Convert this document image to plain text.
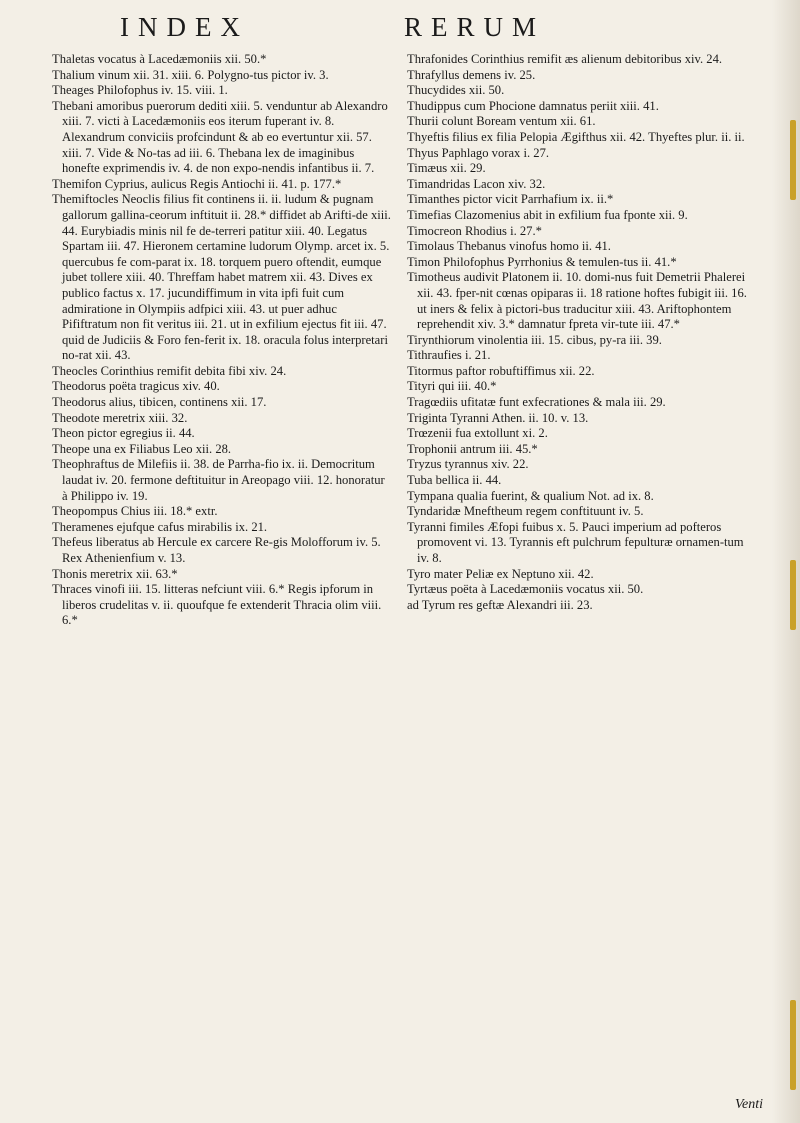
INDEX	RERUM
Thaletas vocatus à Lacedæmoniis xii. 50.*
Thalium vinum xii. 31. xiii. 6. Polygno-tus pictor iv. 3.
Theages Philofophus iv. 15. viii. 1.
Thebani amoribus puerorum dediti xiii. 5. venduntur ab Alexandro xiii. 7. victi à Lacedæmoniis eos iterum fuperant iv. 8. Alexandrum conviciis profcindunt & ab eo evertuntur xii. 57. xiii. 7. Vide & No-tas ad iii. 6. Thebana lex de imaginibus honefte exprimendis iv. 4. de non expo-nendis infantibus ii. 7.
Themifon Cyprius, aulicus Regis Antiochi ii. 41. p. 177.*
Themiftocles Neoclis filius fit continens ii. ii. ludum & pugnam gallorum gallina-ceorum inftituit ii. 28.* diffidet ab Arifti-de xiii. 44. Eurybiadis minis nil fe de-terreri patitur xiii. 40. Legatus Spartam iii. 47. Hieronem certamine ludorum Olymp. arcet ix. 5. quercubus fe com-parat ix. 18. torquem puero oftendit, eumque jubet tollere xiii. 40. Threffam habet matrem xii. 43. Dives ex publico factus x. 17. jucundiffimum in vita ipfi fuit cum admiratione in Olympiis adfpici xiii. 43. ut puer adhuc Pififtratum non fit veritus iii. 21. ut in exfilium ejectus fit iii. 47. quid de Judiciis & Foro fen-ferit ix. 18. oracula folus interpretari no-rat xii. 43.
Theocles Corinthius remifit debita fibi xiv. 24.
Theodorus poëta tragicus xiv. 40.
Theodorus alius, tibicen, continens xii. 17.
Theodote meretrix xiii. 32.
Theon pictor egregius ii. 44.
Theope una ex Filiabus Leo xii. 28.
Theophraftus de Milefiis ii. 38. de Parrha-fio ix. ii. Democritum laudat iv. 20. fermone deftituitur in Areopago viii. 12. honoratur à Philippo iv. 19.
Theopompus Chius iii. 18.* extr.
Theramenes ejufque cafus mirabilis ix. 21.
Thefeus liberatus ab Hercule ex carcere Re-gis Molofforum iv. 5. Rex Athenienfium v. 13.
Thonis meretrix xii. 63.*
Thraces vinofi iii. 15. litteras nefciunt viii. 6.* Regis ipforum in liberos crudelitas v. ii. quoufque fe extenderit Thracia olim viii. 6.*
Thrafonides Corinthius remifit æs alienum debitoribus xiv. 24.
Thrafyllus demens iv. 25.
Thucydides xii. 50.
Thudippus cum Phocione damnatus periit xiii. 41.
Thurii colunt Boream ventum xii. 61.
Thyeftis filius ex filia Pelopia Ægifthus xii. 42. Thyeftes plur. ii. ii.
Thyus Paphlago vorax i. 27.
Timæus xii. 29.
Timandridas Lacon xiv. 32.
Timanthes pictor vicit Parrhafium ix. ii.*
Timefias Clazomenius abit in exfilium fua fponte xii. 9.
Timocreon Rhodius i. 27.*
Timolaus Thebanus vinofus homo ii. 41.
Timon Philofophus Pyrrhonius & temulen-tus ii. 41.*
Timotheus audivit Platonem ii. 10. domi-nus fuit Demetrii Phalerei xii. 43. fper-nit cœnas opiparas ii. 18 ratione hoftes fubigit iii. 16. ut iners & felix à pictori-bus traducitur xiii. 43. Ariftophontem reprehendit xiv. 3.* damnatur fpreta vir-tute iii. 47.*
Tirynthiorum vinolentia iii. 15. cibus, py-ra iii. 39.
Tithraufies i. 21.
Titormus paftor robuftiffimus xii. 22.
Tityri qui iii. 40.*
Tragœdiis ufitatæ funt exfecrationes & mala iii. 29.
Triginta Tyranni Athen. ii. 10. v. 13.
Trœzenii fua extollunt xi. 2.
Trophonii antrum iii. 45.*
Tryzus tyrannus xiv. 22.
Tuba bellica ii. 44.
Tympana qualia fuerint, & qualium Not. ad ix. 8.
Tyndaridæ Mneftheum regem conftituunt iv. 5.
Tyranni fimiles Æfopi fuibus x. 5. Pauci imperium ad pofteros promovent vi. 13. Tyrannis eft pulchrum fepulturæ ornamen-tum iv. 8.
Tyro mater Peliæ ex Neptuno xii. 42.
Tyrtæus poëta à Lacedæmoniis vocatus xii. 50.
ad Tyrum res geftæ Alexandri iii. 23.
Venti
